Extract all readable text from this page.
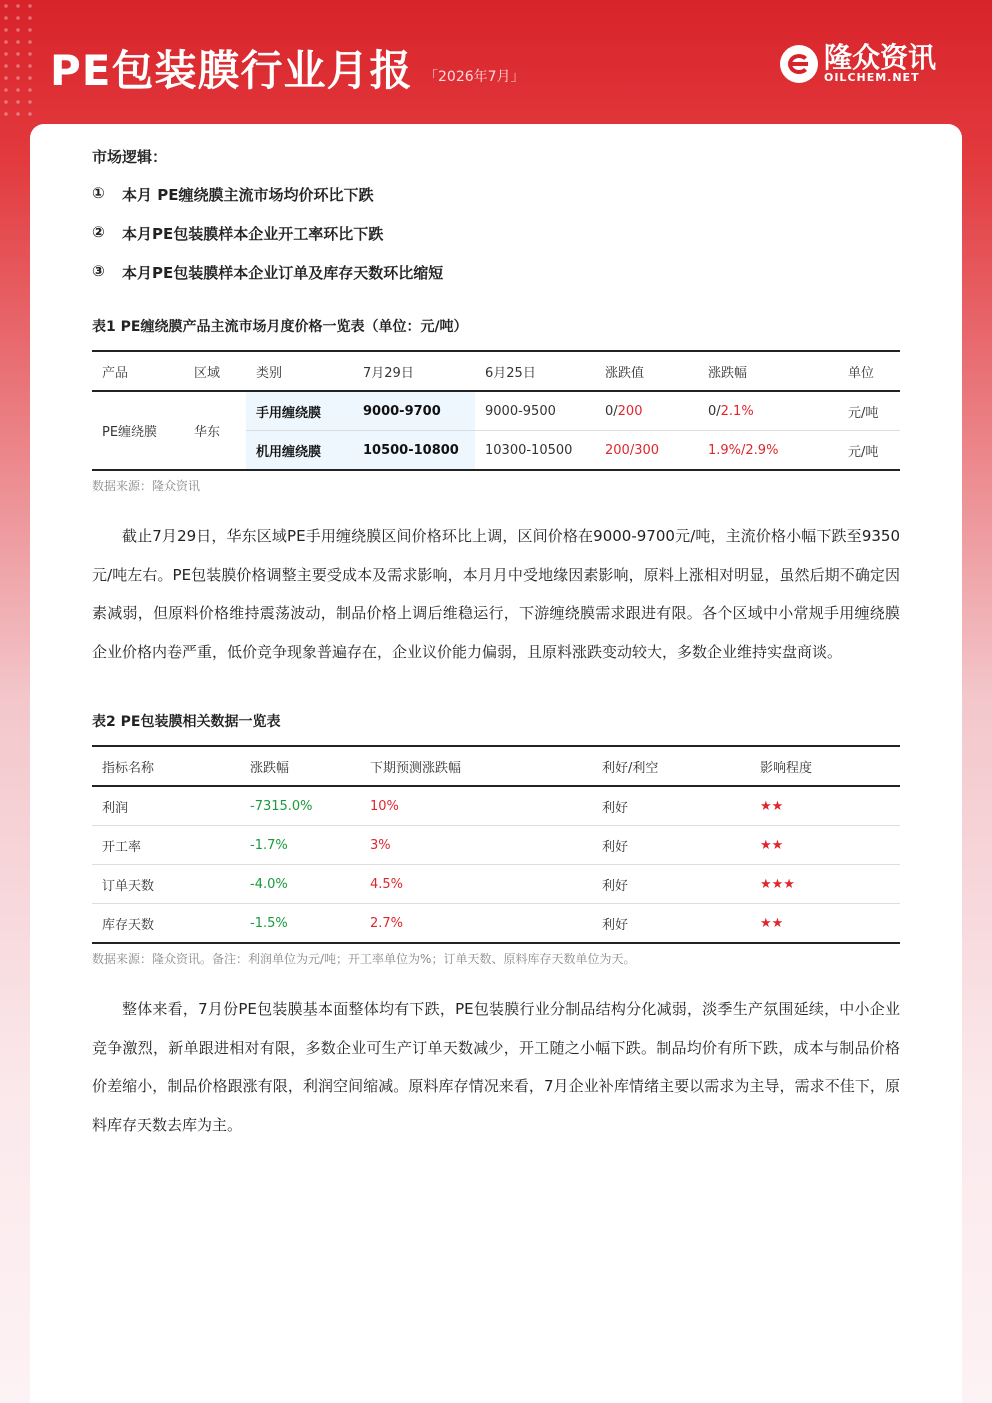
PE包装膜行业月报 「2026年7月」
隆众资讯
OILCHEM.NET
市场逻辑：
①	本月 PE缠绕膜主流市场均价环比下跌
②	本月PE包装膜样本企业开工率环比下跌
③	本月PE包装膜样本企业订单及库存天数环比缩短
表1 PE缠绕膜产品主流市场月度价格一览表（单位：元/吨）
产品	区域	类别	7月29日	6月25日	涨跌值	涨跌幅	单位
PE缠绕膜	华东	手用缠绕膜	9000-9700	9000-9500	0/200	0/2.1%	元/吨
		机用缠绕膜	10500-10800	10300-10500	200/300	1.9%/2.9%	元/吨
数据来源：隆众资讯
截止7月29日，华东区域PE手用缠绕膜区间价格环比上调，区间价格在9000-9700元/吨，主流价格小幅下跌至9350元/吨左右。PE包装膜价格调整主要受成本及需求影响，本月月中受地缘因素影响，原料上涨相对明显，虽然后期不确定因素减弱，但原料价格维持震荡波动，制品价格上调后维稳运行，下游缠绕膜需求跟进有限。各个区域中小常规手用缠绕膜企业价格内卷严重，低价竞争现象普遍存在，企业议价能力偏弱，且原料涨跌变动较大，多数企业维持实盘商谈。
表2 PE包装膜相关数据一览表
指标名称	涨跌幅	下期预测涨跌幅	利好/利空	影响程度
利润	-7315.0%	10%	利好	★★
开工率	-1.7%	3%	利好	★★
订单天数	-4.0%	4.5%	利好	★★★
库存天数	-1.5%	2.7%	利好	★★
数据来源：隆众资讯。备注：利润单位为元/吨；开工率单位为%；订单天数、原料库存天数单位为天。
整体来看，7月份PE包装膜基本面整体均有下跌，PE包装膜行业分制品结构分化减弱，淡季生产氛围延续，中小企业竞争激烈，新单跟进相对有限，多数企业可生产订单天数减少，开工随之小幅下跌。制品均价有所下跌，成本与制品价格价差缩小，制品价格跟涨有限，利润空间缩减。原料库存情况来看，7月企业补库情绪主要以需求为主导，需求不佳下，原料库存天数去库为主。
